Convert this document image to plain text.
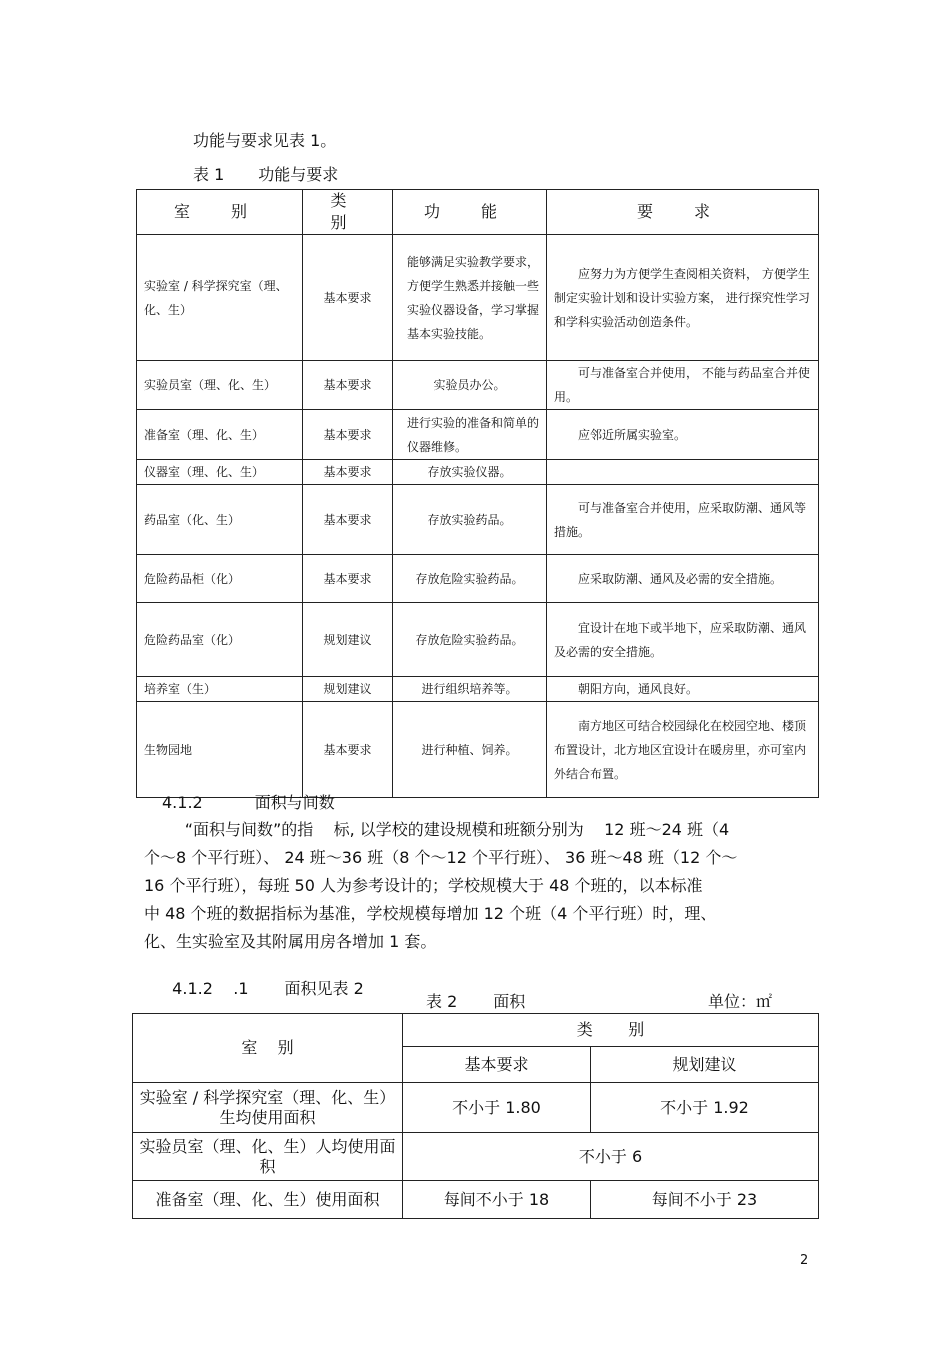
功能与要求见表 1。
表 1 功能与要求
室 别	类 别	功 能	要 求
实验室 / 科学探究室（理、化、生）	基本要求	能够满足实验教学要求，方便学生熟悉并接触一些实验仪器设备，学习掌握基本实验技能。	应努力为方便学生查阅相关资料， 方便学生制定实验计划和设计实验方案， 进行探究性学习和学科实验活动创造条件。
实验员室（理、化、生）	基本要求	实验员办公。	可与准备室合并使用， 不能与药品室合并使用。
准备室（理、化、生）	基本要求	进行实验的准备和简单的仪器维修。	应邻近所属实验室。
仪器室（理、化、生）	基本要求	存放实验仪器。	
药品室（化、生）	基本要求	存放实验药品。	可与准备室合并使用，应采取防潮、通风等措施。
危险药品柜（化）	基本要求	存放危险实验药品。	应采取防潮、通风及必需的安全措施。
危险药品室（化）	规划建议	存放危险实验药品。	宜设计在地下或半地下，应采取防潮、通风及必需的安全措施。
培养室（生）	规划建议	进行组织培养等。	朝阳方向，通风良好。
生物园地	基本要求	进行种植、饲养。	南方地区可结合校园绿化在校园空地、楼顶布置设计，北方地区宜设计在暖房里，亦可室内外结合布置。
4.1.2	面积与间数

“面积与间数”的指    标, 以学校的建设规模和班额分别为    12 班～24 班（4

个～8 个平行班）、 24 班～36 班（8 个～12 个平行班）、 36 班～48 班（12 个～

16 个平行班），每班 50 人为参考设计的；学校规模大于 48 个班的，以本标准

中 48 个班的数据指标为基准，学校规模每增加 12 个班（4 个平行班）时，理、

化、生实验室及其附属用房各增加 1 套。

4.1.2    .1 面积见表 2

表 2 面积	单位：㎡
室    别	类       别	
	基本要求	规划建议
实验室 / 科学探究室（理、化、生）生均使用面积	不小于 1.80	不小于 1.92
实验员室（理、化、生）人均使用面积	不小于 6	
准备室（理、化、生）使用面积	每间不小于 18	每间不小于 23
2
